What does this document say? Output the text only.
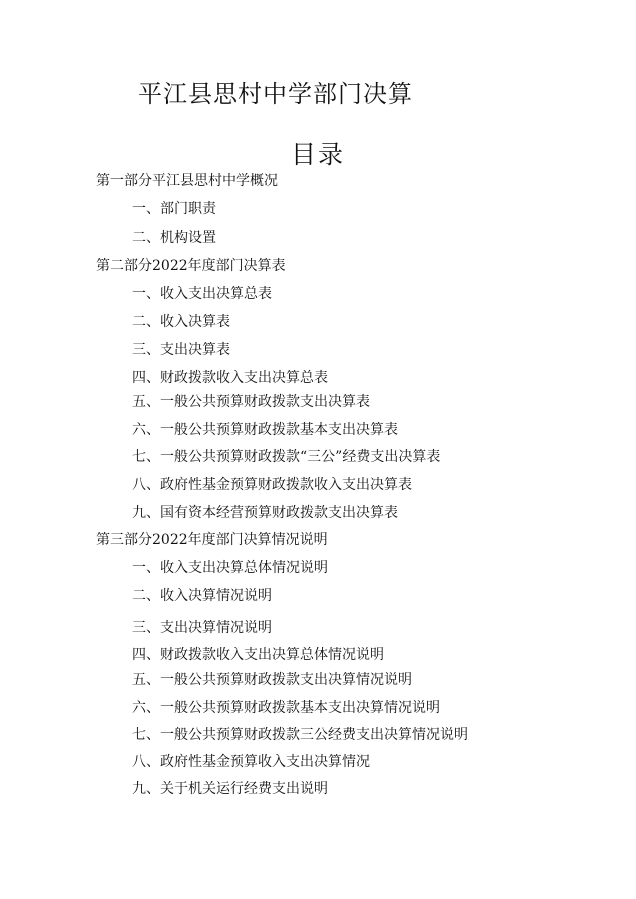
平江县思村中学部门决算
目录
第一部分平江县思村中学概况
一、部门职责
二、机构设置
第二部分2022年度部门决算表
一、收入支出决算总表
二、收入决算表
三、支出决算表
四、财政拨款收入支出决算总表
五、一般公共预算财政拨款支出决算表
六、一般公共预算财政拨款基本支出决算表
七、一般公共预算财政拨款“三公”经费支出决算表
八、政府性基金预算财政拨款收入支出决算表
九、国有资本经营预算财政拨款支出决算表
第三部分2022年度部门决算情况说明
一、收入支出决算总体情况说明
二、收入决算情况说明
三、支出决算情况说明
四、财政拨款收入支出决算总体情况说明
五、一般公共预算财政拨款支出决算情况说明
六、一般公共预算财政拨款基本支出决算情况说明
七、一般公共预算财政拨款三公经费支出决算情况说明
八、政府性基金预算收入支出决算情况
九、关于机关运行经费支出说明
